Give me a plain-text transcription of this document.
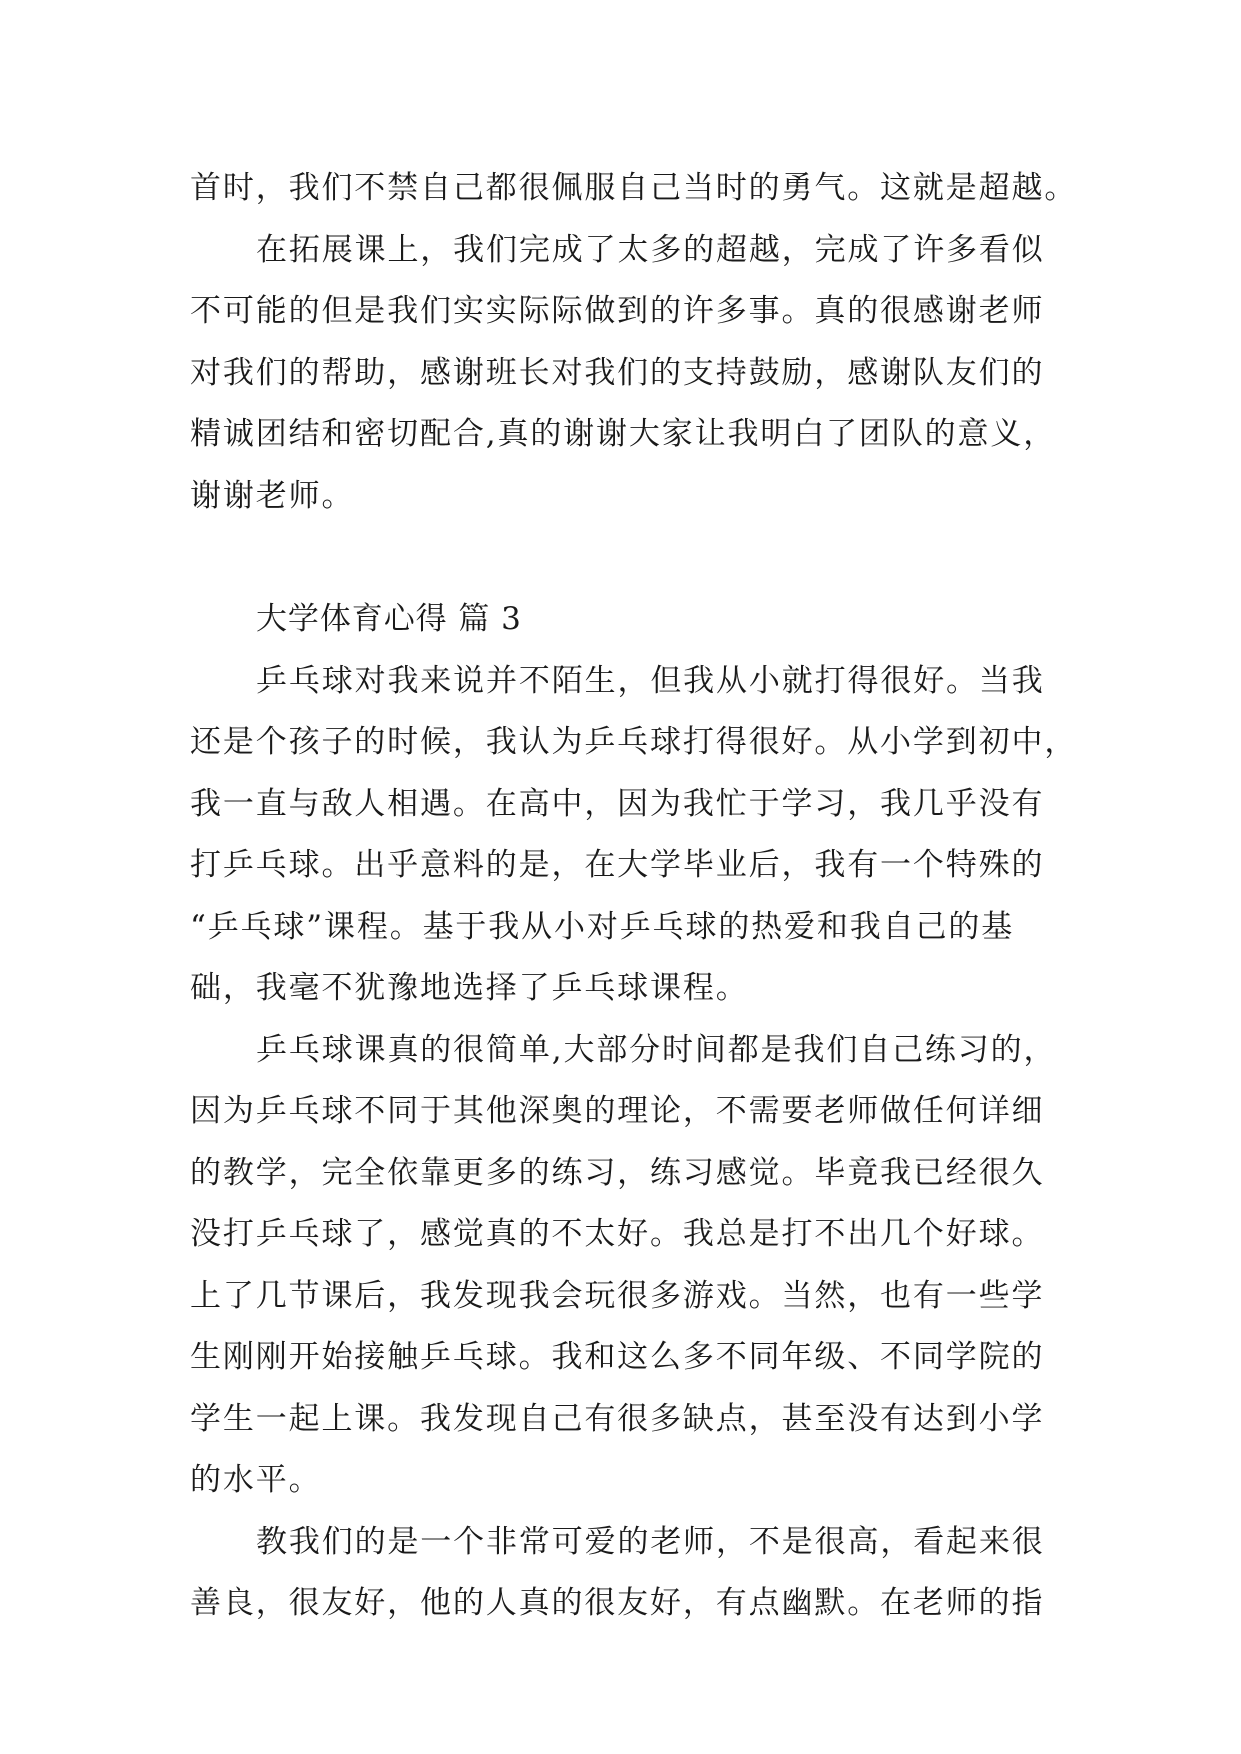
首时，我们不禁自己都很佩服自己当时的勇气。这就是超越。
在拓展课上，我们完成了太多的超越，完成了许多看似
不可能的但是我们实实际际做到的许多事。真的很感谢老师
对我们的帮助，感谢班长对我们的支持鼓励，感谢队友们的
精诚团结和密切配合,真的谢谢大家让我明白了团队的意义，
谢谢老师。
大学体育心得 篇 3
乒乓球对我来说并不陌生，但我从小就打得很好。当我
还是个孩子的时候，我认为乒乓球打得很好。从小学到初中，
我一直与敌人相遇。在高中，因为我忙于学习，我几乎没有
打乒乓球。出乎意料的是，在大学毕业后，我有一个特殊的
“乒乓球”课程。基于我从小对乒乓球的热爱和我自己的基
础，我毫不犹豫地选择了乒乓球课程。
乒乓球课真的很简单,大部分时间都是我们自己练习的，
因为乒乓球不同于其他深奥的理论，不需要老师做任何详细
的教学，完全依靠更多的练习，练习感觉。毕竟我已经很久
没打乒乓球了，感觉真的不太好。我总是打不出几个好球。
上了几节课后，我发现我会玩很多游戏。当然，也有一些学
生刚刚开始接触乒乓球。我和这么多不同年级、不同学院的
学生一起上课。我发现自己有很多缺点，甚至没有达到小学
的水平。
教我们的是一个非常可爱的老师，不是很高，看起来很
善良，很友好，他的人真的很友好，有点幽默。在老师的指
